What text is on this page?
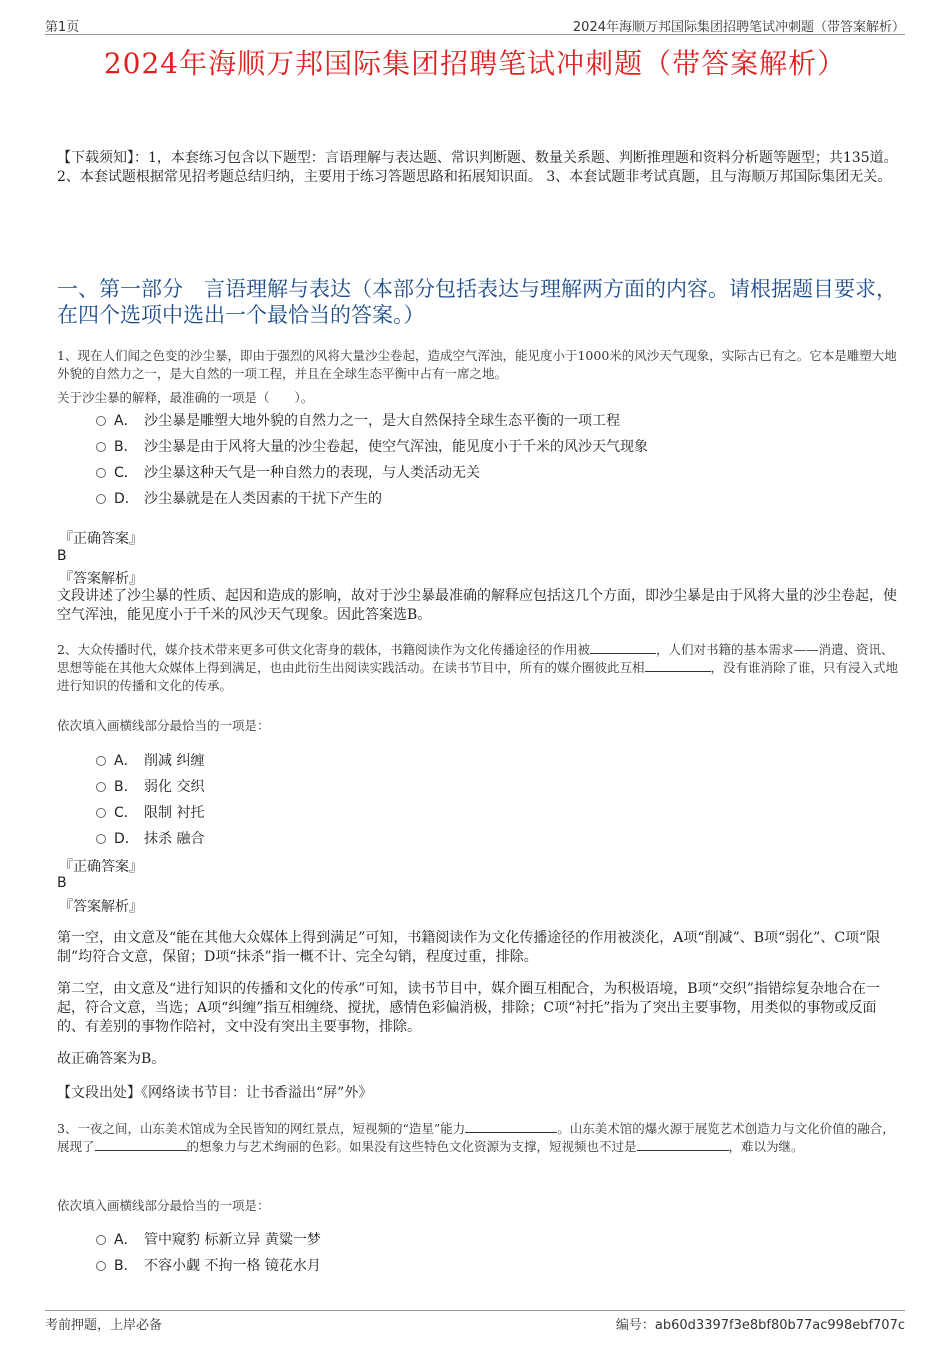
第1页	2024年海顺万邦国际集团招聘笔试冲刺题（带答案解析）
2024年海顺万邦国际集团招聘笔试冲刺题（带答案解析）
【下载须知】：1，本套练习包含以下题型：言语理解与表达题、常识判断题、数量关系题、判断推理题和资料分析题等题型；共135道。 2、本套试题根据常见招考题总结归纳，主要用于练习答题思路和拓展知识面。 3、本套试题非考试真题，且与海顺万邦国际集团无关。
一、第一部分　言语理解与表达（本部分包括表达与理解两方面的内容。请根据题目要求，在四个选项中选出一个最恰当的答案。）
1、现在人们闻之色变的沙尘暴，即由于强烈的风将大量沙尘卷起，造成空气浑浊，能见度小于1000米的风沙天气现象，实际古已有之。它本是雕塑大地外貌的自然力之一，是大自然的一项工程，并且在全球生态平衡中占有一席之地。
关于沙尘暴的解释，最准确的一项是（　　）。
A． 沙尘暴是雕塑大地外貌的自然力之一，是大自然保持全球生态平衡的一项工程
B． 沙尘暴是由于风将大量的沙尘卷起，使空气浑浊，能见度小于千米的风沙天气现象
C． 沙尘暴这种天气是一种自然力的表现，与人类活动无关
D． 沙尘暴就是在人类因素的干扰下产生的
『正确答案』
B
『答案解析』
文段讲述了沙尘暴的性质、起因和造成的影响，故对于沙尘暴最准确的解释应包括这几个方面，即沙尘暴是由于风将大量的沙尘卷起，使空气浑浊，能见度小于千米的风沙天气现象。因此答案选B。
2、大众传播时代，媒介技术带来更多可供文化寄身的载体，书籍阅读作为文化传播途径的作用被	，人们对书籍的基本需求——消遣、资讯、思想等能在其他大众媒体上得到满足，也由此衍生出阅读实践活动。在读书节目中，所有的媒介圈彼此互相	，没有谁消除了谁，只有浸入式地进行知识的传播和文化的传承。
依次填入画横线部分最恰当的一项是：
A． 削减 纠缠
B． 弱化 交织
C． 限制 衬托
D． 抹杀 融合
『正确答案』
B
『答案解析』
第一空，由文意及“能在其他大众媒体上得到满足”可知，书籍阅读作为文化传播途径的作用被淡化，A项“削减”、B项“弱化”、C项“限制”均符合文意，保留；D项“抹杀”指一概不计、完全勾销，程度过重，排除。
第二空，由文意及“进行知识的传播和文化的传承”可知，读书节目中，媒介圈互相配合，为积极语境，B项“交织”指错综复杂地合在一起，符合文意，当选；A项“纠缠”指互相缠绕、搅扰，感情色彩偏消极，排除；C项“衬托”指为了突出主要事物，用类似的事物或反面的、有差别的事物作陪衬，文中没有突出主要事物，排除。
故正确答案为B。
【文段出处】《网络读书节目：让书香溢出“屏”外》
3、一夜之间，山东美术馆成为全民皆知的网红景点，短视频的“造星”能力	。山东美术馆的爆火源于展览艺术创造力与文化价值的融合，展现了	的想象力与艺术绚丽的色彩。如果没有这些特色文化资源为支撑，短视频也不过是	，难以为继。
依次填入画横线部分最恰当的一项是：
A． 管中窥豹 标新立异 黄粱一梦
B． 不容小觑 不拘一格 镜花水月
考前押题，上岸必备	编号：ab60d3397f3e8bf80b77ac998ebf707c
